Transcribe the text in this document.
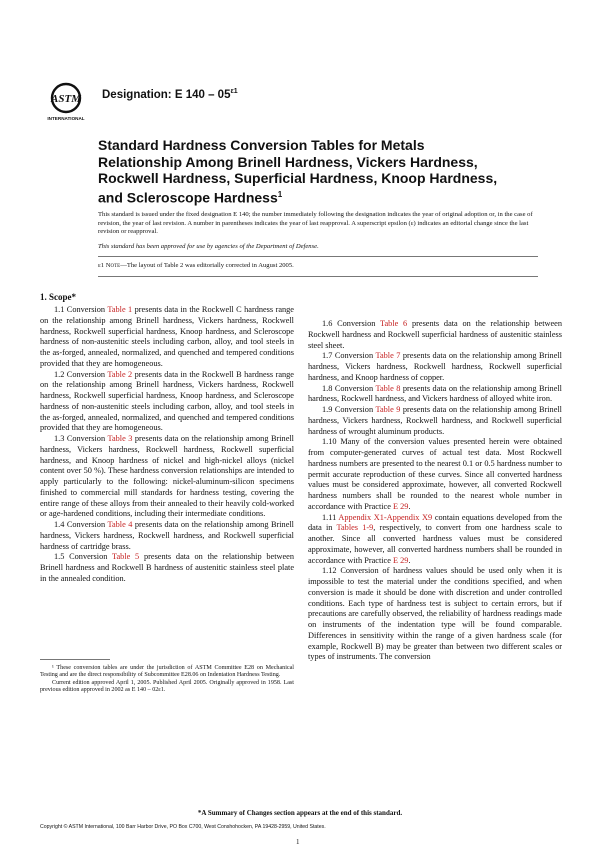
ASTM
INTERNATIONAL
Designation: E $140 - 05^{\varepsilon 1}$
Standard Hardness Conversion Tables for Metals
Relationship Among Brinell Hardness, Vickers Hardness,
Rockwell Hardness, Superficial Hardness, Knoop Hardness,
and Scleroscope Hardness$^1$
This standard is issued under the fixed designation E 140; the number immediately following the designation indicates the year of original adoption or, in the case of revision, the year of last revision. A number in parentheses indicates the year of last reapproval. A superscript epsilon (ε) indicates an editorial change since the last revision or reapproval.
This standard has been approved for use by agencies of the Department of Defense.
ε1 Note—The layout of Table 2 was editorially corrected in August 2005.
1. Scope*

1.1 Conversion Table 1 presents data in the Rockwell C hardness range on the relationship among Brinell hardness, Vickers hardness, Rockwell hardness, Rockwell superficial hardness, Knoop hardness, and Scleroscope hardness of non-austenitic steels including carbon, alloy, and tool steels in the as-forged, annealed, normalized, and quenched and tempered conditions provided that they are homogeneous.

1.2 Conversion Table 2 presents data in the Rockwell B hardness range on the relationship among Brinell hardness, Vickers hardness, Rockwell hardness, Rockwell superficial hardness, Knoop hardness, and Scleroscope hardness of non-austenitic steels including carbon, alloy, and tool steels in the as-forged, annealed, normalized, and quenched and tempered conditions provided that they are homogeneous.

1.3 Conversion Table 3 presents data on the relationship among Brinell hardness, Vickers hardness, Rockwell hardness, Rockwell superficial hardness, and Knoop hardness of nickel and high-nickel alloys (nickel content over 50 %). These hardness conversion relationships are intended to apply particularly to the following: nickel-aluminum-silicon specimens finished to commercial mill standards for hardness testing, covering the entire range of these alloys from their annealed to their heavily cold-worked or age-hardened conditions, including their intermediate conditions.

1.4 Conversion Table 4 presents data on the relationship among Brinell hardness, Vickers hardness, Rockwell hardness, and Rockwell superficial hardness of cartridge brass.

1.5 Conversion Table 5 presents data on the relationship between Brinell hardness and Rockwell B hardness of austenitic stainless steel plate in the annealed condition.

¹ These conversion tables are under the jurisdiction of ASTM Committee E28 on Mechanical Testing and are the direct responsibility of Subcommittee E28.06 on Indentation Hardness Testing.

Current edition approved April 1, 2005. Published April 2005. Originally approved in 1958. Last previous edition approved in 2002 as E 140 – 02ε1.

1.6 Conversion Table 6 presents data on the relationship between Rockwell hardness and Rockwell superficial hardness of austenitic stainless steel sheet.

1.7 Conversion Table 7 presents data on the relationship among Brinell hardness, Vickers hardness, Rockwell hardness, Rockwell superficial hardness, and Knoop hardness of copper.

1.8 Conversion Table 8 presents data on the relationship among Brinell hardness, Rockwell hardness, and Vickers hardness of alloyed white iron.

1.9 Conversion Table 9 presents data on the relationship among Brinell hardness, Vickers hardness, Rockwell hardness, and Rockwell superficial hardness of wrought aluminum products.

1.10 Many of the conversion values presented herein were obtained from computer-generated curves of actual test data. Most Rockwell hardness numbers are presented to the nearest 0.1 or 0.5 hardness number to permit accurate reproduction of these curves. Since all converted hardness values must be considered approximate, however, all converted Rockwell hardness numbers shall be rounded to the nearest whole number in accordance with Practice E 29.

1.11 Appendix X1-Appendix X9 contain equations developed from the data in Tables 1-9, respectively, to convert from one hardness scale to another. Since all converted hardness values must be considered approximate, however, all converted hardness numbers shall be rounded in accordance with Practice E 29.

1.12 Conversion of hardness values should be used only when it is impossible to test the material under the conditions specified, and when conversion is made it should be done with discretion and under controlled conditions. Each type of hardness test is subject to certain errors, but if precautions are carefully observed, the reliability of hardness readings made on instruments of the indentation type will be found comparable. Differences in sensitivity within the range of a given hardness scale (for example, Rockwell B) may be greater than between two different scales or types of instruments. The conversion

*A Summary of Changes section appears at the end of this standard.
Copyright © ASTM International, 100 Barr Harbor Drive, PO Box C700, West Conshohocken, PA 19428-2959, United States.
1
